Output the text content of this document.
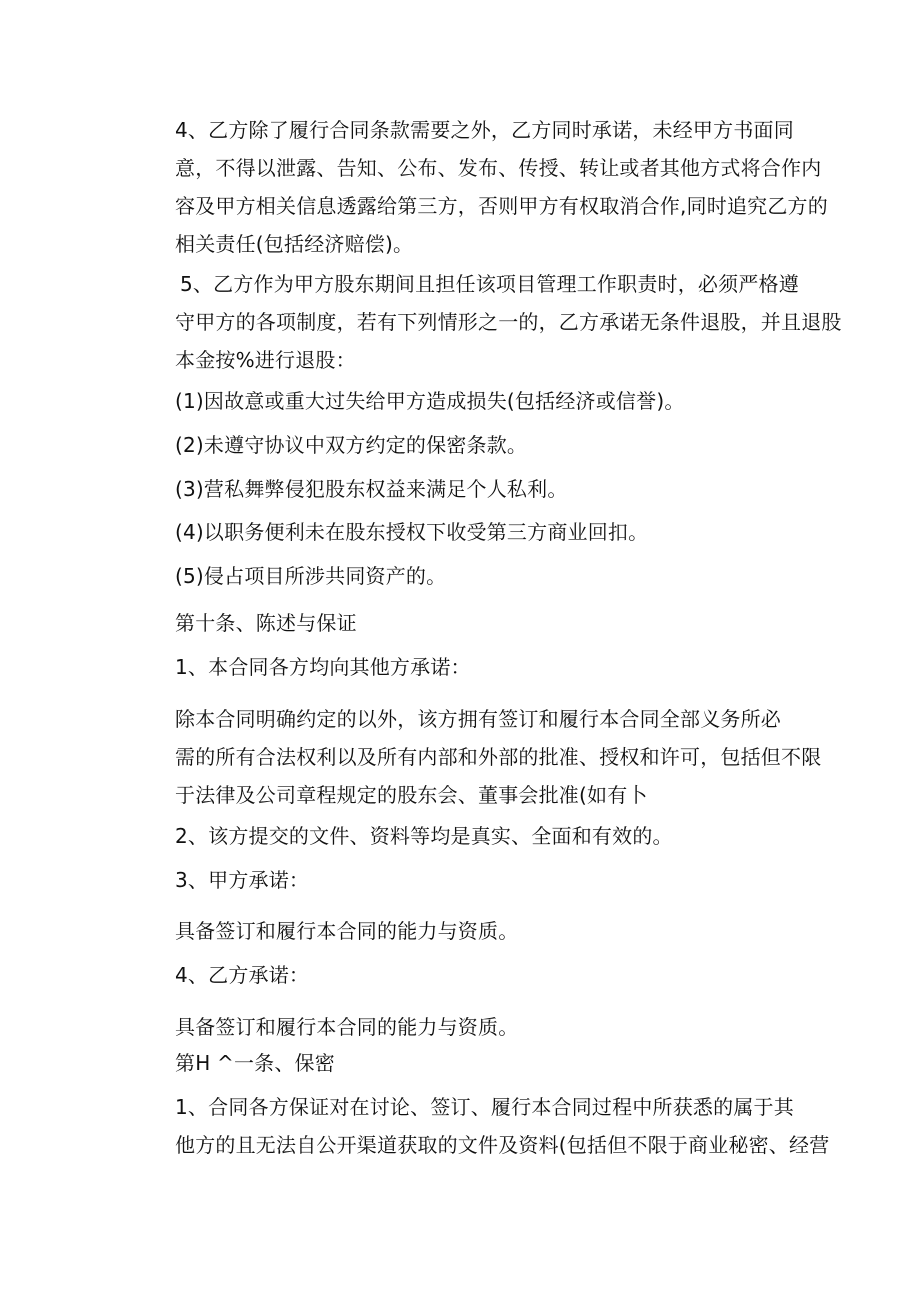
4、乙方除了履行合同条款需要之外，乙方同时承诺，未经甲方书面同
意，不得以泄露、告知、公布、发布、传授、转让或者其他方式将合作内
容及甲方相关信息透露给第三方，否则甲方有权取消合作,同时追究乙方的
相关责任(包括经济赔偿)。
5、乙方作为甲方股东期间且担任该项目管理工作职责时，必须严格遵
守甲方的各项制度，若有下列情形之一的，乙方承诺无条件退股，并且退股
本金按%进行退股：
(1)因故意或重大过失给甲方造成损失(包括经济或信誉)。
(2)未遵守协议中双方约定的保密条款。
(3)营私舞弊侵犯股东权益来满足个人私利。
(4)以职务便利未在股东授权下收受第三方商业回扣。
(5)侵占项目所涉共同资产的。
第十条、陈述与保证
1、本合同各方均向其他方承诺：
除本合同明确约定的以外，该方拥有签订和履行本合同全部义务所必
需的所有合法权利以及所有内部和外部的批准、授权和许可，包括但不限
于法律及公司章程规定的股东会、董事会批准(如有卜
2、该方提交的文件、资料等均是真实、全面和有效的。
3、甲方承诺：
具备签订和履行本合同的能力与资质。
4、乙方承诺：
具备签订和履行本合同的能力与资质。
第H ^一条、保密
1、合同各方保证对在讨论、签订、履行本合同过程中所获悉的属于其
他方的且无法自公开渠道获取的文件及资料(包括但不限于商业秘密、经营
